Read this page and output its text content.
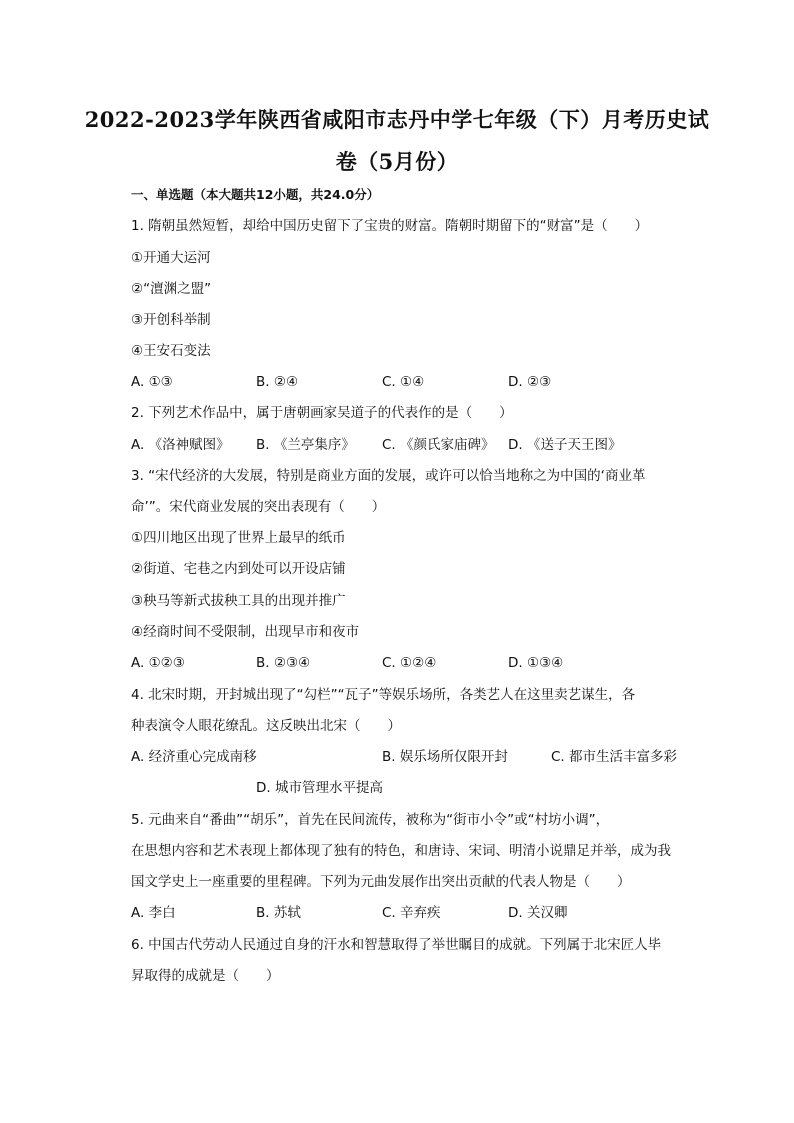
2022-2023学年陕西省咸阳市志丹中学七年级（下）月考历史试
卷（5月份）
一、单选题（本大题共12小题，共24.0分）
1. 隋朝虽然短暂，却给中国历史留下了宝贵的财富。隋朝时期留下的“财富”是（　　）
①开通大运河
②“澶渊之盟”
③开创科举制
④王安石变法
A. ①③	B. ②④	C. ①④	D. ②③
2. 下列艺术作品中，属于唐朝画家吴道子的代表作的是（　　）
A. 《洛神赋图》 B. 《兰亭集序》 C. 《颜氏家庙碑》 D. 《送子天王图》
3. “宋代经济的大发展，特别是商业方面的发展，或许可以恰当地称之为中国的‘商业革
命’”。宋代商业发展的突出表现有（　　）
①四川地区出现了世界上最早的纸币
②街道、宅巷之内到处可以开设店铺
③秧马等新式拔秧工具的出现并推广
④经商时间不受限制，出现早市和夜市
A. ①②③	B. ②③④	C. ①②④	D. ①③④
4. 北宋时期，开封城出现了“勾栏”“瓦子”等娱乐场所，各类艺人在这里卖艺谋生，各
种表演令人眼花缭乱。这反映出北宋（　　）
A. 经济重心完成南移	B. 娱乐场所仅限开封	C. 都市生活丰富多彩
D. 城市管理水平提高
5. 元曲来自“番曲”“胡乐”，首先在民间流传，被称为“街市小令”或“村坊小调”，
在思想内容和艺术表现上都体现了独有的特色，和唐诗、宋词、明清小说鼎足并举，成为我
国文学史上一座重要的里程碑。下列为元曲发展作出突出贡献的代表人物是（　　）
A. 李白	B. 苏轼	C. 辛弃疾	D. 关汉卿
6. 中国古代劳动人民通过自身的汗水和智慧取得了举世瞩目的成就。下列属于北宋匠人毕
昇取得的成就是（　　）
